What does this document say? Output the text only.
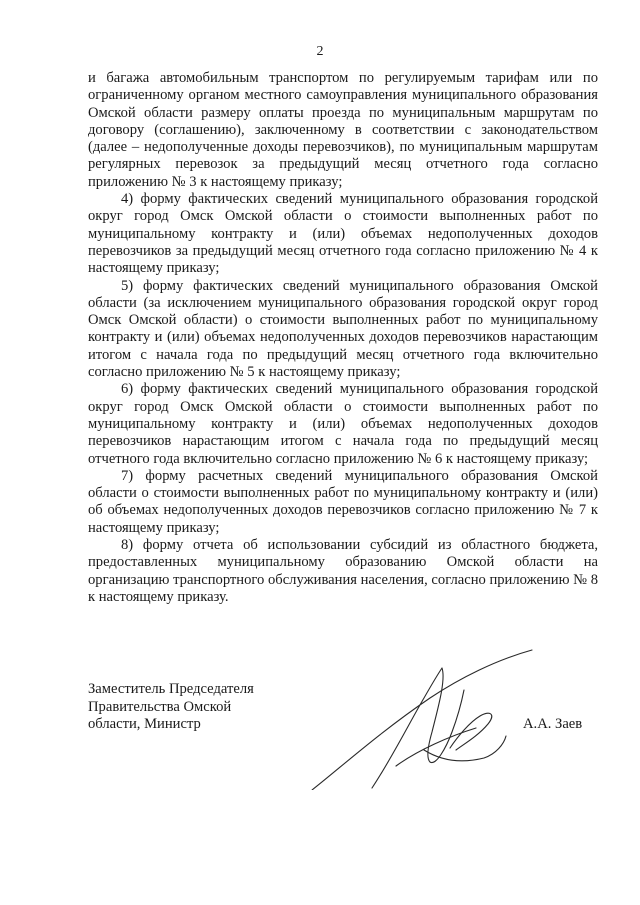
2

и багажа автомобильным транспортом по регулируемым тарифам или по ограниченному органом местного самоуправления муниципального образования Омской области размеру оплаты проезда по муниципальным маршрутам по договору (соглашению), заключенному в соответствии с законодательством (далее – недополученные доходы перевозчиков), по муниципальным маршрутам регулярных перевозок за предыдущий месяц отчетного года согласно приложению № 3 к настоящему приказу;

4) форму фактических сведений муниципального образования городской округ город Омск Омской области о стоимости выполненных работ по муниципальному контракту и (или) объемах недополученных доходов перевозчиков за предыдущий месяц отчетного года согласно приложению № 4 к настоящему приказу;

5) форму фактических сведений муниципального образования Омской области (за исключением муниципального образования городской округ город Омск Омской области) о стоимости выполненных работ по муниципальному контракту и (или) объемах недополученных доходов перевозчиков нарастающим итогом с начала года по предыдущий месяц отчетного года включительно согласно приложению № 5 к настоящему приказу;

6) форму фактических сведений муниципального образования городской округ город Омск Омской области о стоимости выполненных работ по муниципальному контракту и (или) объемах недополученных доходов перевозчиков нарастающим итогом с начала года по предыдущий месяц отчетного года включительно согласно приложению № 6 к настоящему приказу;

7) форму расчетных сведений муниципального образования Омской области о стоимости выполненных работ по муниципальному контракту и (или) об объемах недополученных доходов перевозчиков согласно приложению № 7 к настоящему приказу;

8) форму отчета об использовании субсидий из областного бюджета, предоставленных муниципальному образованию Омской области на организацию транспортного обслуживания населения, согласно приложению № 8 к настоящему приказу.

Заместитель Председателя
Правительства Омской
области, Министр	А.А. Заев
